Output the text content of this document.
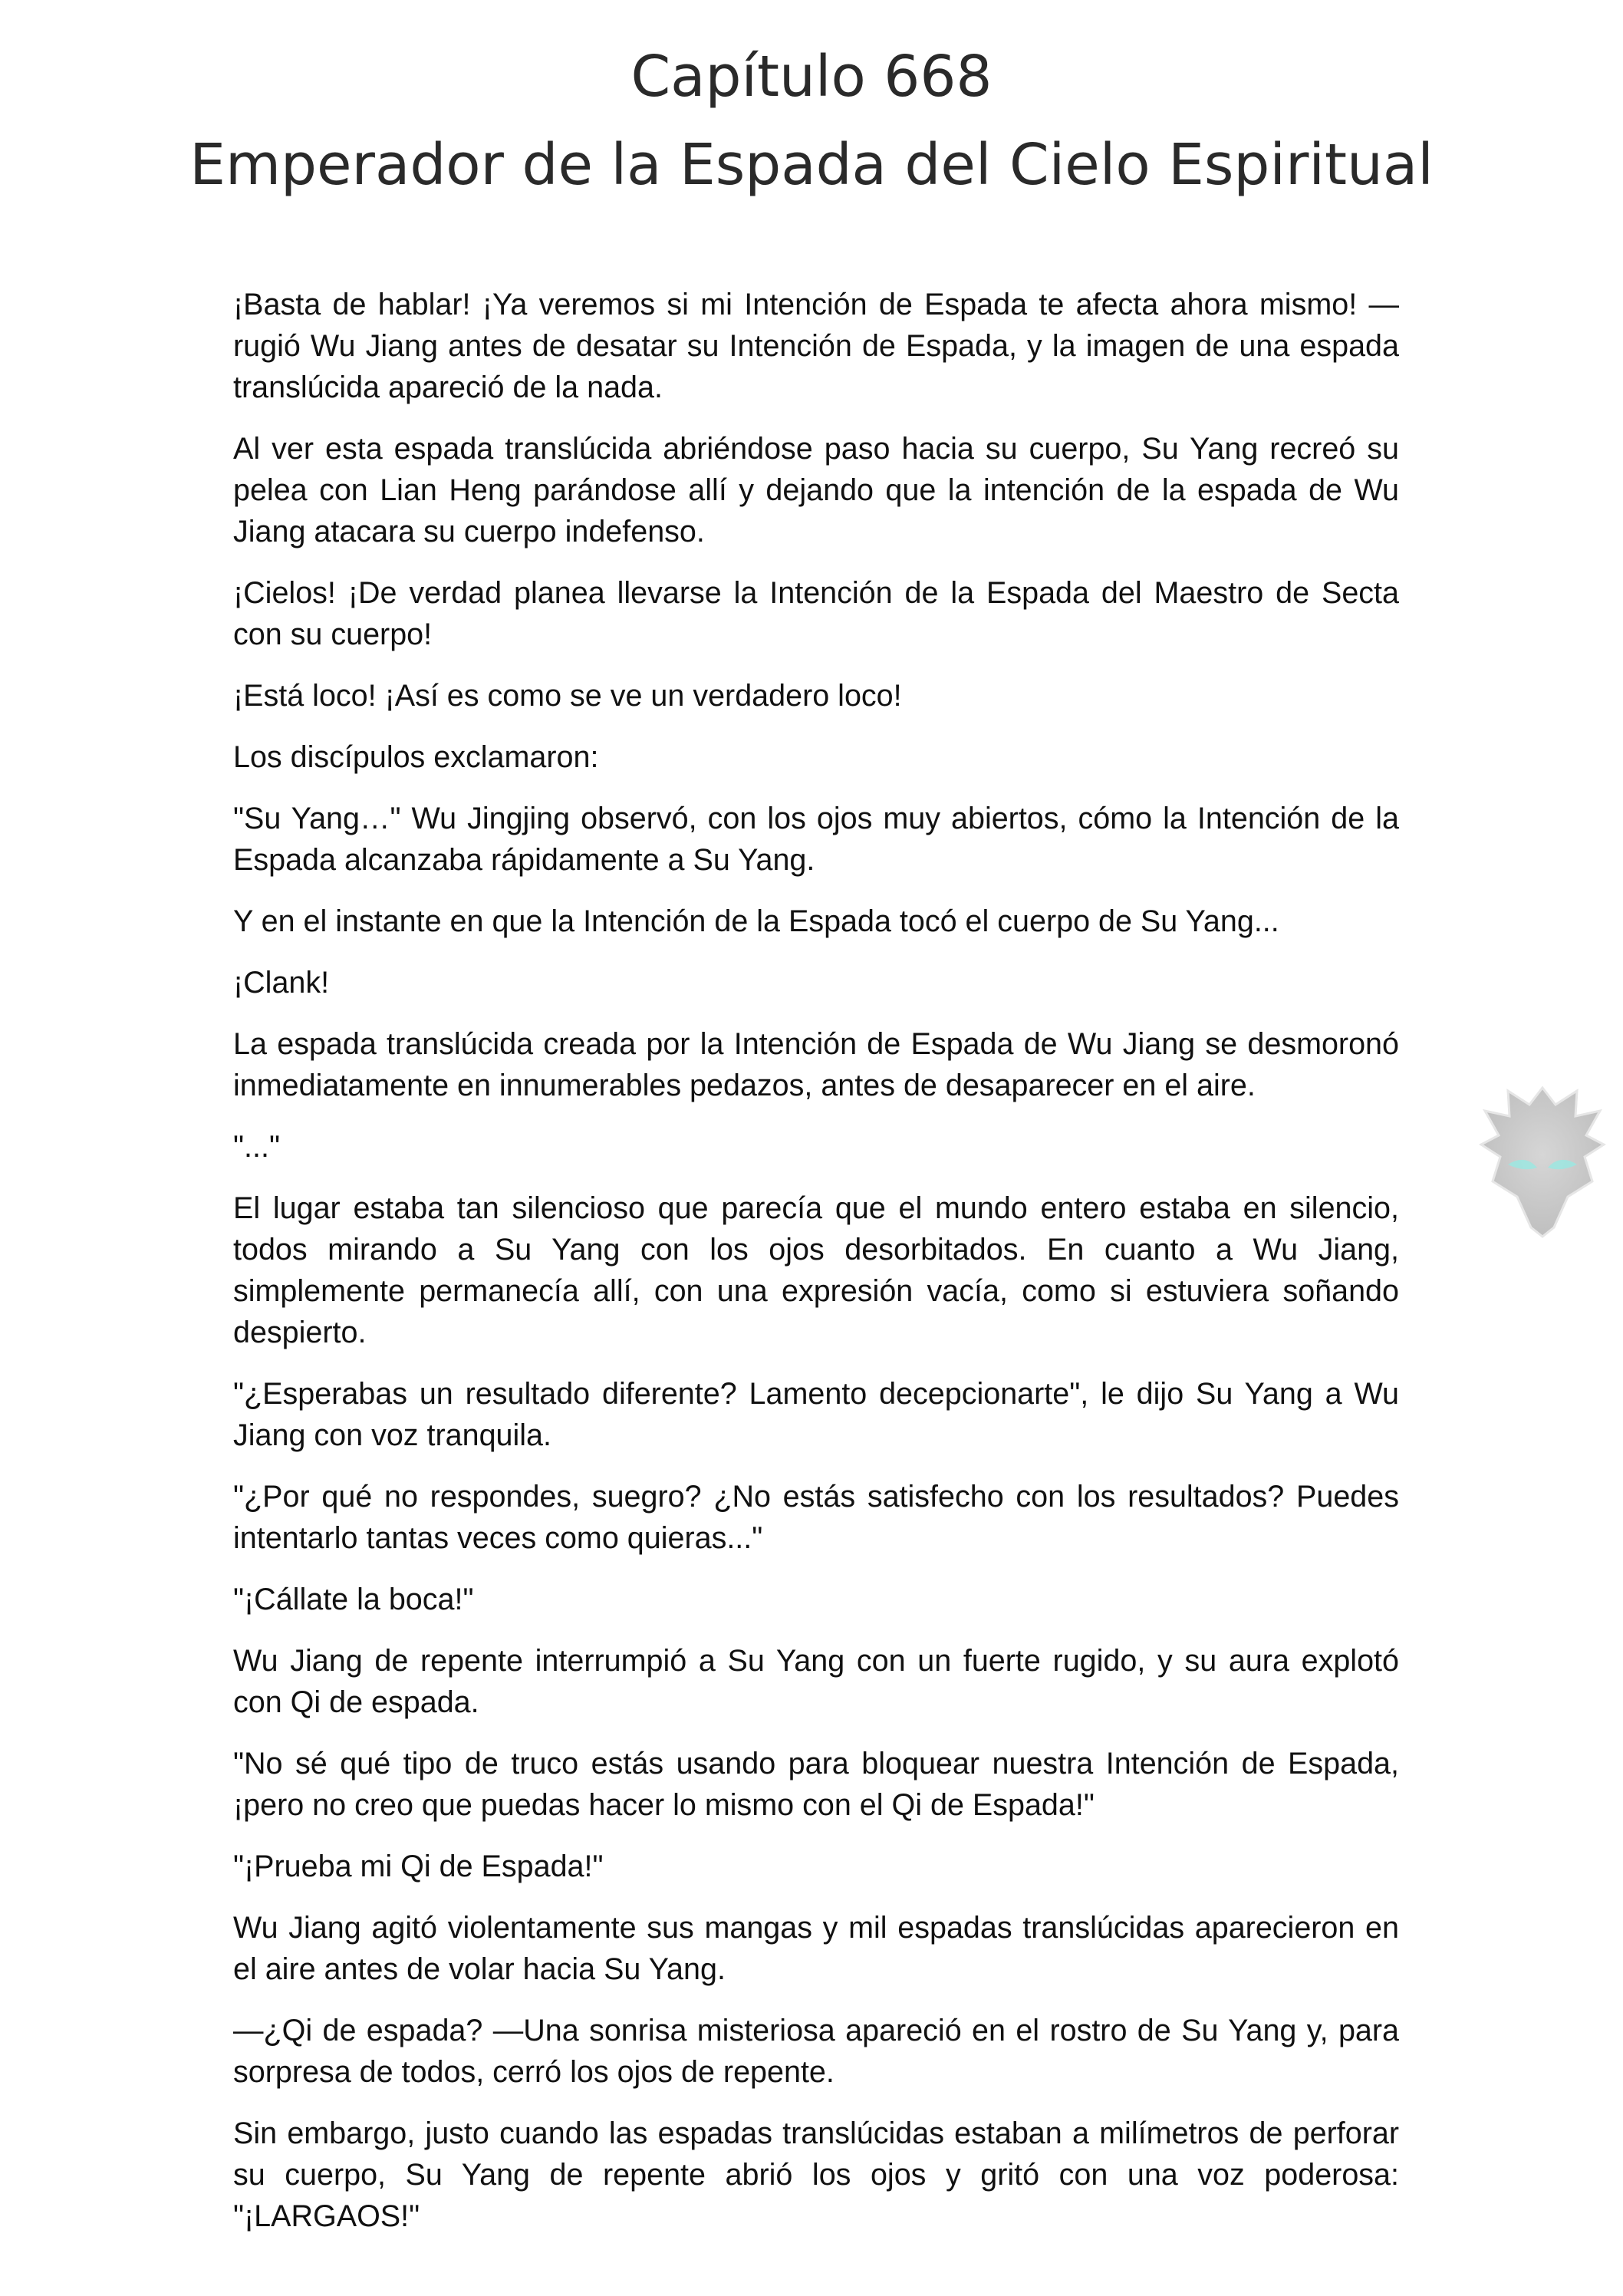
Capítulo 668
Emperador de la Espada del Cielo Espiritual

¡Basta de hablar! ¡Ya veremos si mi Intención de Espada te afecta ahora mismo! —rugió Wu Jiang antes de desatar su Intención de Espada, y la imagen de una espada translúcida apareció de la nada.

Al ver esta espada translúcida abriéndose paso hacia su cuerpo, Su Yang recreó su pelea con Lian Heng parándose allí y dejando que la intención de la espada de Wu Jiang atacara su cuerpo indefenso.

¡Cielos! ¡De verdad planea llevarse la Intención de la Espada del Maestro de Secta con su cuerpo!

¡Está loco! ¡Así es como se ve un verdadero loco!

Los discípulos exclamaron:

"Su Yang…" Wu Jingjing observó, con los ojos muy abiertos, cómo la Intención de la Espada alcanzaba rápidamente a Su Yang.

Y en el instante en que la Intención de la Espada tocó el cuerpo de Su Yang...

¡Clank!

La espada translúcida creada por la Intención de Espada de Wu Jiang se desmoronó inmediatamente en innumerables pedazos, antes de desaparecer en el aire.

"..."

El lugar estaba tan silencioso que parecía que el mundo entero estaba en silencio, todos mirando a Su Yang con los ojos desorbitados. En cuanto a Wu Jiang, simplemente permanecía allí, con una expresión vacía, como si estuviera soñando despierto.

"¿Esperabas un resultado diferente? Lamento decepcionarte", le dijo Su Yang a Wu Jiang con voz tranquila.

"¿Por qué no respondes, suegro? ¿No estás satisfecho con los resultados? Puedes intentarlo tantas veces como quieras..."

"¡Cállate la boca!"

Wu Jiang de repente interrumpió a Su Yang con un fuerte rugido, y su aura explotó con Qi de espada.

"No sé qué tipo de truco estás usando para bloquear nuestra Intención de Espada, ¡pero no creo que puedas hacer lo mismo con el Qi de Espada!"

"¡Prueba mi Qi de Espada!"

Wu Jiang agitó violentamente sus mangas y mil espadas translúcidas aparecieron en el aire antes de volar hacia Su Yang.

—¿Qi de espada? —Una sonrisa misteriosa apareció en el rostro de Su Yang y, para sorpresa de todos, cerró los ojos de repente.

Sin embargo, justo cuando las espadas translúcidas estaban a milímetros de perforar su cuerpo, Su Yang de repente abrió los ojos y gritó con una voz poderosa: "¡LARGAOS!"
